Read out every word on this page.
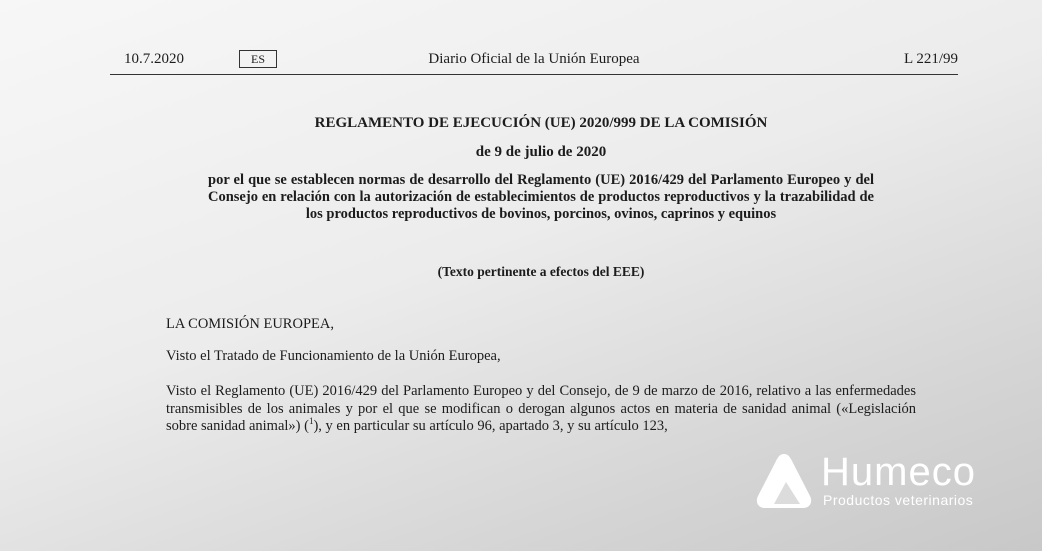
10.7.2020	ES	Diario Oficial de la Unión Europea	L 221/99
REGLAMENTO DE EJECUCIÓN (UE) 2020/999 DE LA COMISIÓN
de 9 de julio de 2020
por el que se establecen normas de desarrollo del Reglamento (UE) 2016/429 del Parlamento Europeo y del Consejo en relación con la autorización de establecimientos de productos reproductivos y la trazabilidad de los productos reproductivos de bovinos, porcinos, ovinos, caprinos y equinos
(Texto pertinente a efectos del EEE)
LA COMISIÓN EUROPEA,
Visto el Tratado de Funcionamiento de la Unión Europea,
Visto el Reglamento (UE) 2016/429 del Parlamento Europeo y del Consejo, de 9 de marzo de 2016, relativo a las enfermedades transmisibles de los animales y por el que se modifican o derogan algunos actos en materia de sanidad animal («Legislación sobre sanidad animal») ($^1$), y en particular su artículo 96, apartado 3, y su artículo 123,
Humeco
Productos veterinarios
